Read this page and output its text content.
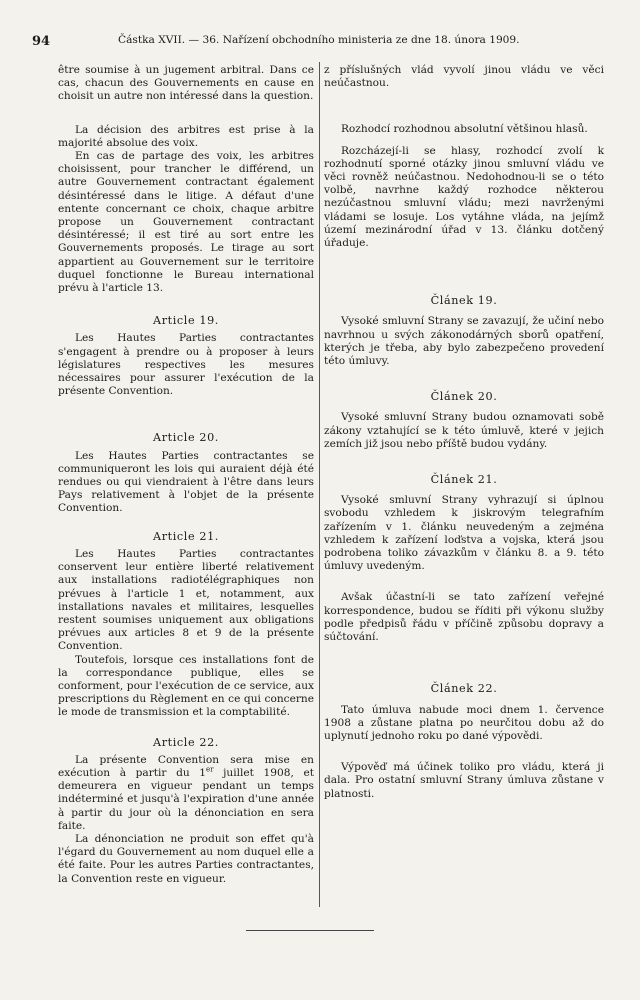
94	Částka XVII. — 36. Nařízení obchodního ministeria ze dne 18. února 1909.

être soumise à un jugement arbitral. Dans ce cas, chacun des Gouvernements en cause en choisit un autre non intéressé dans la question.

La décision des arbitres est prise à la majorité absolue des voix.

En cas de partage des voix, les arbitres choisissent, pour trancher le différend, un autre Gouvernement contractant également désintéressé dans le litige. A défaut d'une entente concernant ce choix, chaque arbitre propose un Gouvernement contractant désintéressé; il est tiré au sort entre les Gouvernements proposés. Le tirage au sort appartient au Gouvernement sur le territoire duquel fonctionne le Bureau international prévu à l'article 13.

Article 19.

Les Hautes Parties contractantes s'engagent à prendre ou à proposer à leurs législatures respectives les mesures nécessaires pour assurer l'exécution de la présente Convention.

Article 20.

Les Hautes Parties contractantes se communiqueront les lois qui auraient déjà été rendues ou qui viendraient à l'être dans leurs Pays relativement à l'objet de la présente Convention.

Article 21.

Les Hautes Parties contractantes conservent leur entière liberté relativement aux installations radiotélégraphiques non prévues à l'article 1 et, notamment, aux installations navales et militaires, lesquelles restent soumises uniquement aux obligations prévues aux articles 8 et 9 de la présente Convention.

Toutefois, lorsque ces installations font de la correspondance publique, elles se conforment, pour l'exécution de ce service, aux prescriptions du Règlement en ce qui concerne le mode de transmission et la comptabilité.

Article 22.

La présente Convention sera mise en exécution à partir du 1er juillet 1908, et demeurera en vigueur pendant un temps indéterminé et jusqu'à l'expiration d'une année à partir du jour où la dénonciation en sera faite.

La dénonciation ne produit son effet qu'à l'égard du Gouvernement au nom duquel elle a été faite. Pour les autres Parties contractantes, la Convention reste en vigueur.

z příslušných vlád vyvolí jinou vládu ve věci neúčastnou.

Rozhodcí rozhodnou absolutní většinou hlasů.

Rozcházejí-li se hlasy, rozhodcí zvolí k rozhodnutí sporné otázky jinou smluvní vládu ve věci rovněž neúčastnou. Nedohodnou-li se o této volbě, navrhne každý rozhodce některou nezúčastnou smluvní vládu; mezi navrženými vládami se losuje. Los vytáhne vláda, na jejímž území mezinárodní úřad v 13. článku dotčený úřaduje.

Článek 19.

Vysoké smluvní Strany se zavazují, že učiní nebo navrhnou u svých zákonodárných sborů opatření, kterých je třeba, aby bylo zabezpečeno provedení této úmluvy.

Článek 20.

Vysoké smluvní Strany budou oznamovati sobě zákony vztahující se k této úmluvě, které v jejich zemích již jsou nebo příště budou vydány.

Článek 21.

Vysoké smluvní Strany vyhrazují si úplnou svobodu vzhledem k jiskrovým telegrafním zařízením v 1. článku neuvedeným a zejména vzhledem k zařízení loďstva a vojska, která jsou podrobena toliko závazkům v článku 8. a 9. této úmluvy uvedeným.

Avšak účastní-li se tato zařízení veřejné korrespondence, budou se říditi při výkonu služby podle předpisů řádu v příčině způsobu dopravy a súčtování.

Článek 22.

Tato úmluva nabude moci dnem 1. července 1908 a zůstane platna po neurčitou dobu až do uplynutí jednoho roku po dané výpovědi.

Výpověď má účinek toliko pro vládu, která ji dala. Pro ostatní smluvní Strany úmluva zůstane v platnosti.
